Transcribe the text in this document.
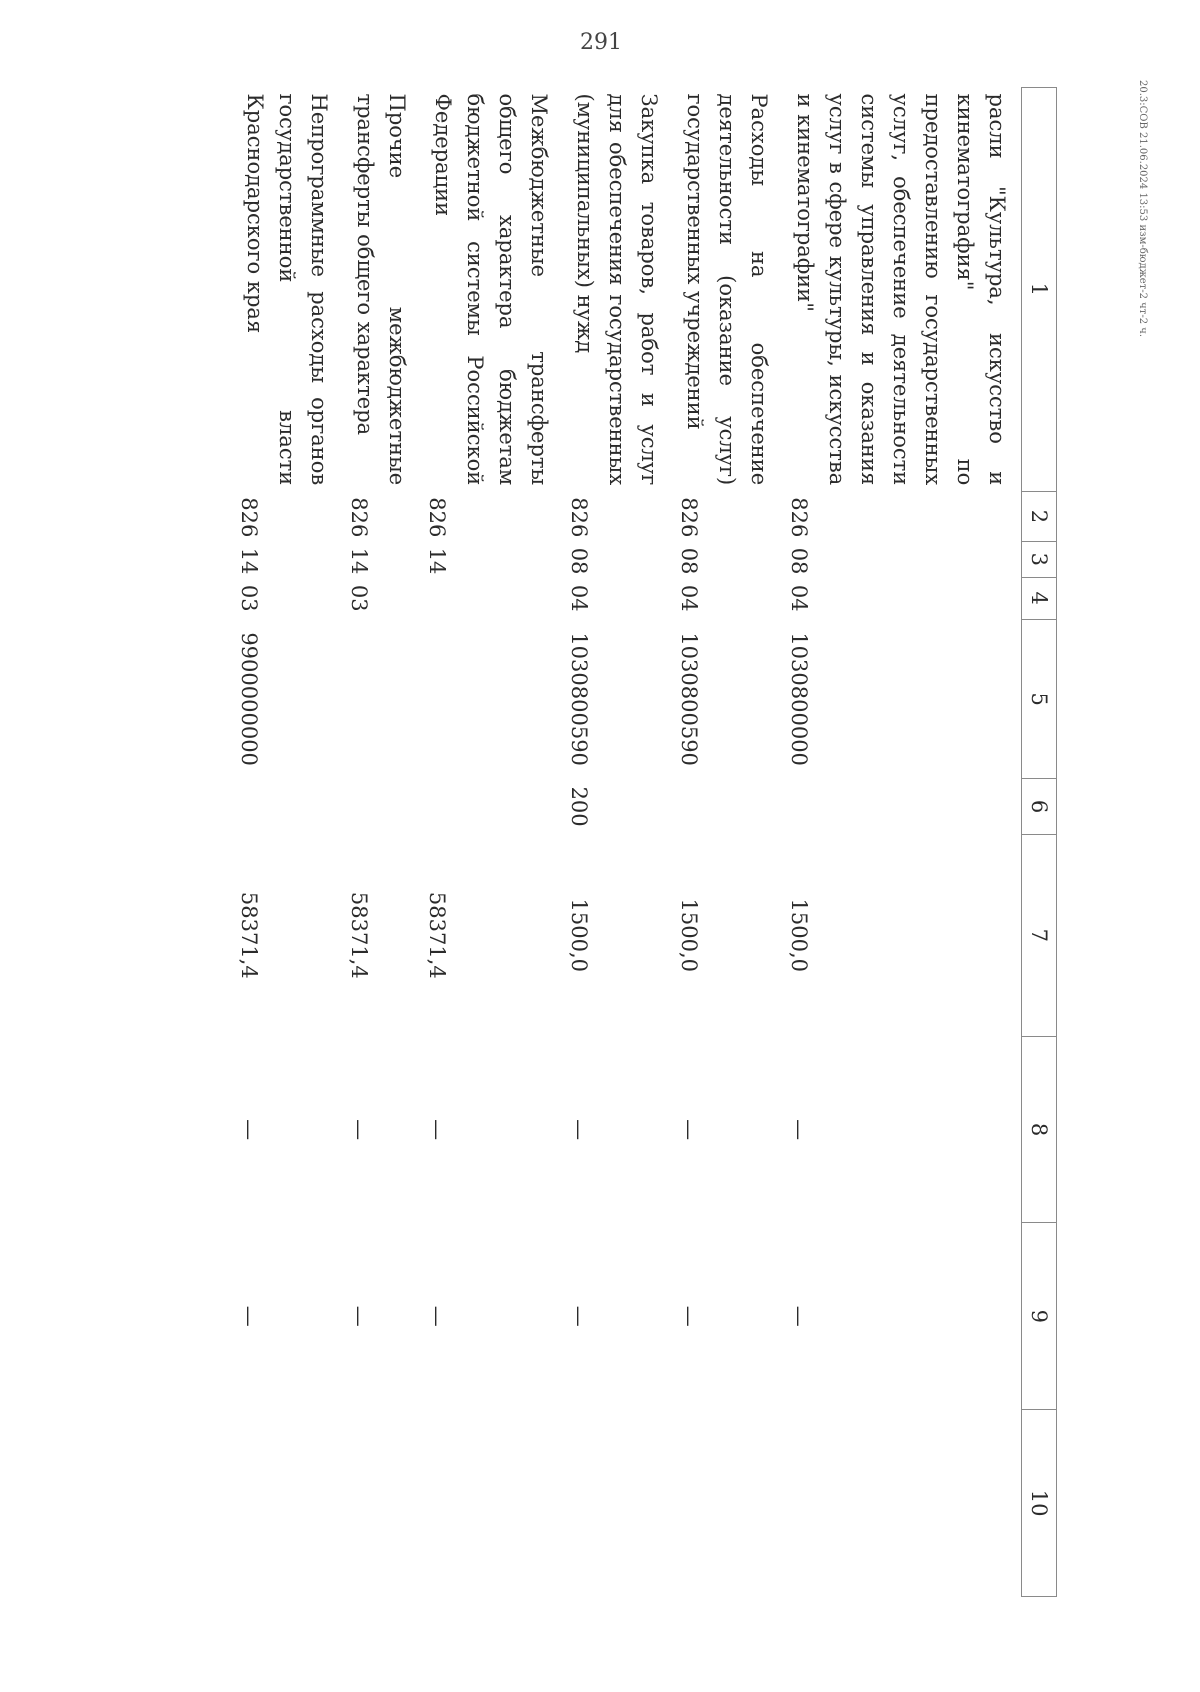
291
20.3:СОВ 21.06.2024 13:53 изм-бюджет-2 чт-2 ч.
1	2	3	4	5	6	7	8	9	10
расли "Культура, искусство и кинематография" по предоставлению государственных услуг, обеспечение деятельности системы управления и оказания услуг в сфере культуры, искусства и кинематографии"	826	08	04	1030800000		1500,0	—	—	
Расходы на обеспечение деятельности (оказание услуг) государственных учреждений	826	08	04	1030800590		1500,0	—	—	
Закупка товаров, работ и услуг для обеспечения государственных (муниципальных) нужд	826	08	04	1030800590	200	1500,0	—	—	
Межбюджетные трансферты общего характера бюджетам бюджетной системы Российской Федерации	826	14				58371,4	—	—	
Прочие межбюджетные трансферты общего характера	826	14	03			58371,4	—	—	
Непрограммные расходы органов государственной власти Краснодарского края	826	14	03	9900000000		58371,4	—	—	
